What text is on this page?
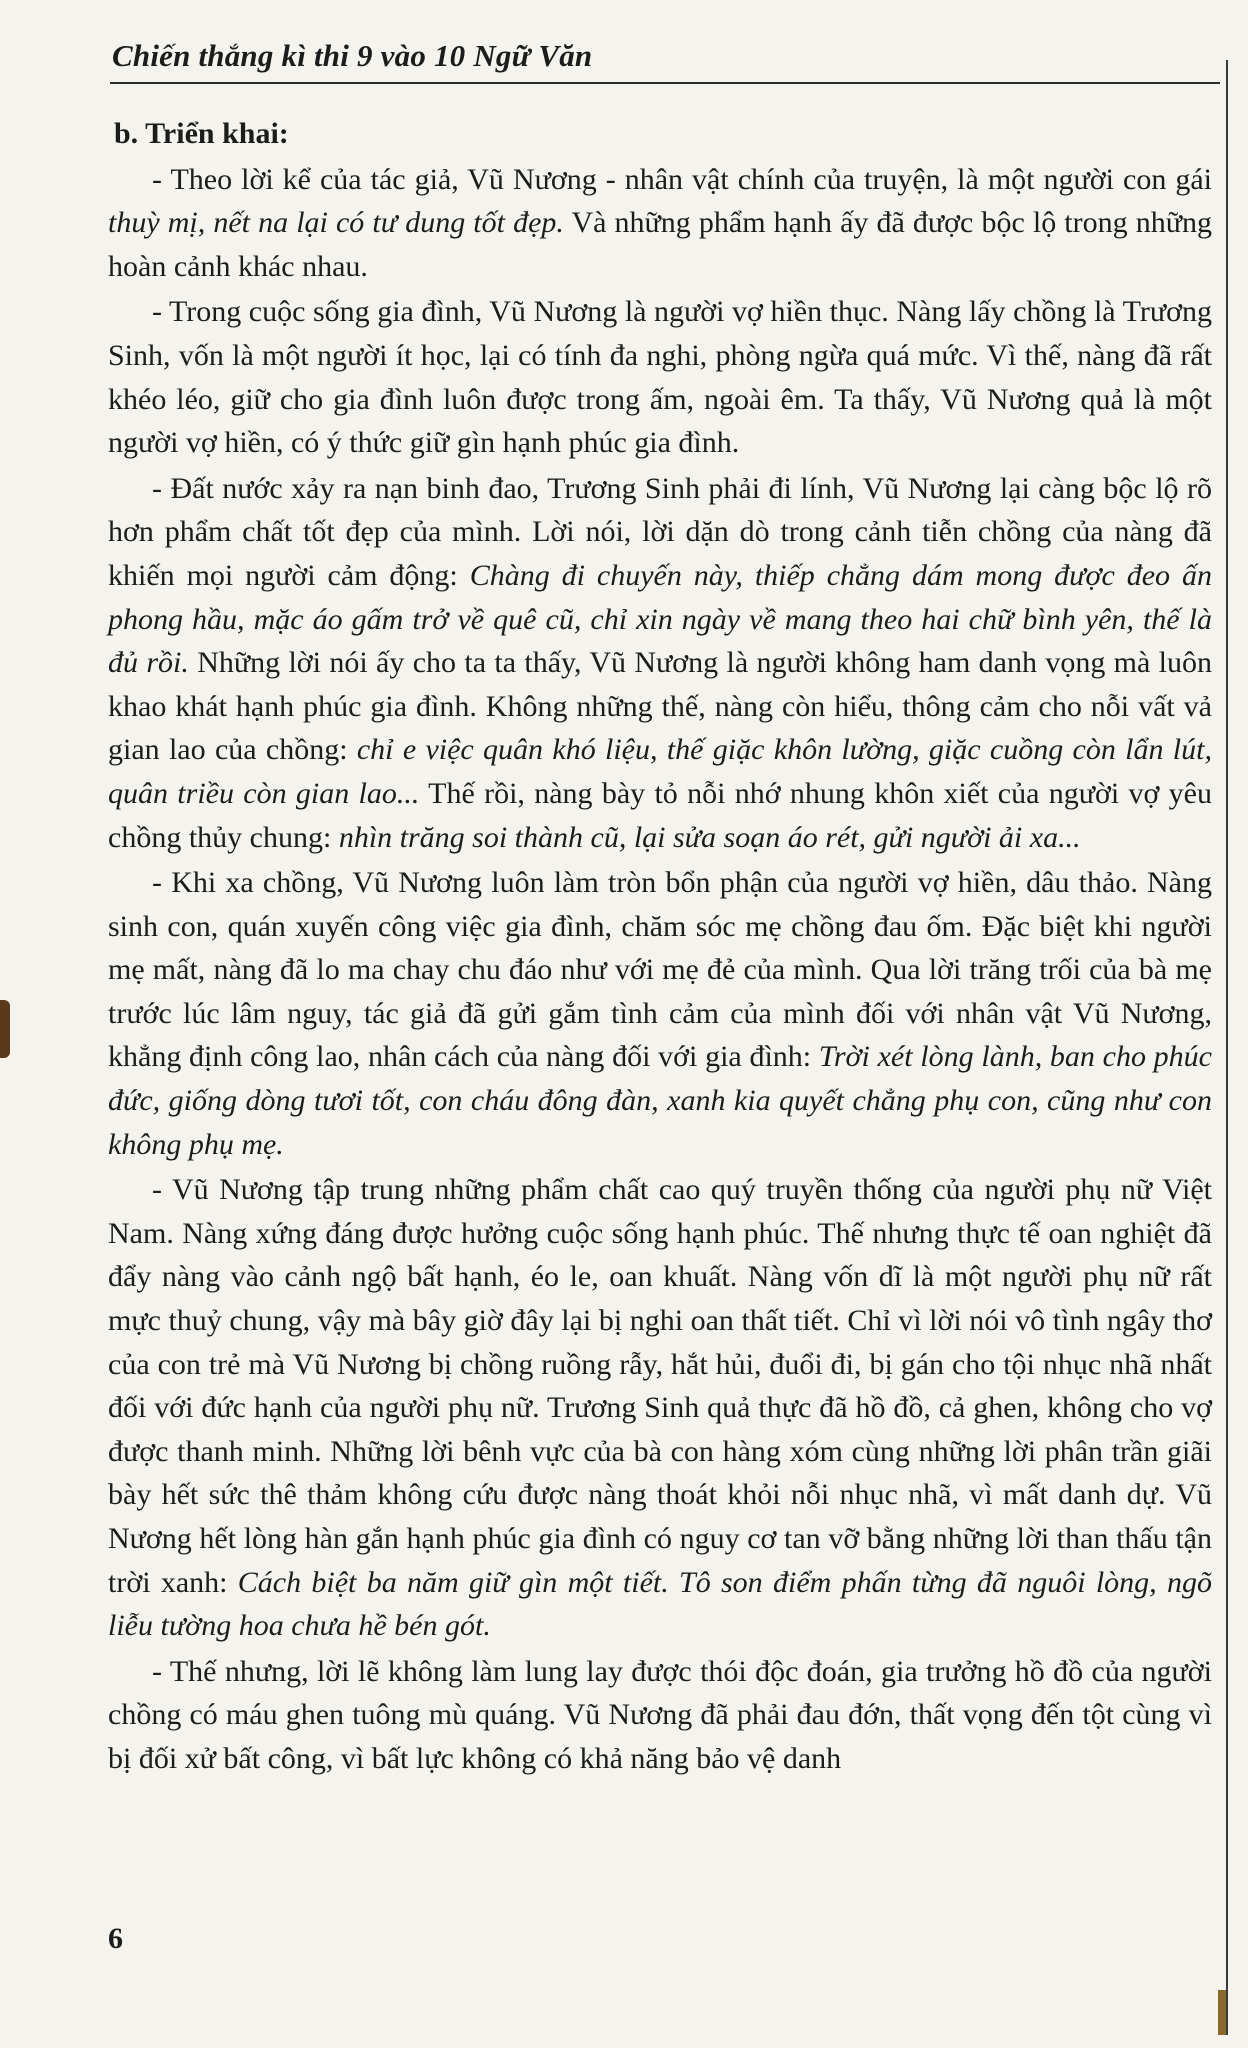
Chiến thắng kì thi 9 vào 10 Ngữ Văn
b. Triển khai:

- Theo lời kể của tác giả, Vũ Nương - nhân vật chính của truyện, là một người con gái thuỳ mị, nết na lại có tư dung tốt đẹp. Và những phẩm hạnh ấy đã được bộc lộ trong những hoàn cảnh khác nhau.

- Trong cuộc sống gia đình, Vũ Nương là người vợ hiền thục. Nàng lấy chồng là Trương Sinh, vốn là một người ít học, lại có tính đa nghi, phòng ngừa quá mức. Vì thế, nàng đã rất khéo léo, giữ cho gia đình luôn được trong ấm, ngoài êm. Ta thấy, Vũ Nương quả là một người vợ hiền, có ý thức giữ gìn hạnh phúc gia đình.

- Đất nước xảy ra nạn binh đao, Trương Sinh phải đi lính, Vũ Nương lại càng bộc lộ rõ hơn phẩm chất tốt đẹp của mình. Lời nói, lời dặn dò trong cảnh tiễn chồng của nàng đã khiến mọi người cảm động: Chàng đi chuyến này, thiếp chẳng dám mong được đeo ấn phong hầu, mặc áo gấm trở về quê cũ, chỉ xin ngày về mang theo hai chữ bình yên, thế là đủ rồi. Những lời nói ấy cho ta ta thấy, Vũ Nương là người không ham danh vọng mà luôn khao khát hạnh phúc gia đình. Không những thế, nàng còn hiểu, thông cảm cho nỗi vất vả gian lao của chồng: chỉ e việc quân khó liệu, thế giặc khôn lường, giặc cuồng còn lẩn lút, quân triều còn gian lao... Thế rồi, nàng bày tỏ nỗi nhớ nhung khôn xiết của người vợ yêu chồng thủy chung: nhìn trăng soi thành cũ, lại sửa soạn áo rét, gửi người ải xa...

- Khi xa chồng, Vũ Nương luôn làm tròn bổn phận của người vợ hiền, dâu thảo. Nàng sinh con, quán xuyến công việc gia đình, chăm sóc mẹ chồng đau ốm. Đặc biệt khi người mẹ mất, nàng đã lo ma chay chu đáo như với mẹ đẻ của mình. Qua lời trăng trối của bà mẹ trước lúc lâm nguy, tác giả đã gửi gắm tình cảm của mình đối với nhân vật Vũ Nương, khẳng định công lao, nhân cách của nàng đối với gia đình: Trời xét lòng lành, ban cho phúc đức, giống dòng tươi tốt, con cháu đông đàn, xanh kia quyết chẳng phụ con, cũng như con không phụ mẹ.

- Vũ Nương tập trung những phẩm chất cao quý truyền thống của người phụ nữ Việt Nam. Nàng xứng đáng được hưởng cuộc sống hạnh phúc. Thế nhưng thực tế oan nghiệt đã đẩy nàng vào cảnh ngộ bất hạnh, éo le, oan khuất. Nàng vốn dĩ là một người phụ nữ rất mực thuỷ chung, vậy mà bây giờ đây lại bị nghi oan thất tiết. Chỉ vì lời nói vô tình ngây thơ của con trẻ mà Vũ Nương bị chồng ruồng rẫy, hắt hủi, đuổi đi, bị gán cho tội nhục nhã nhất đối với đức hạnh của người phụ nữ. Trương Sinh quả thực đã hồ đồ, cả ghen, không cho vợ được thanh minh. Những lời bênh vực của bà con hàng xóm cùng những lời phân trần giãi bày hết sức thê thảm không cứu được nàng thoát khỏi nỗi nhục nhã, vì mất danh dự. Vũ Nương hết lòng hàn gắn hạnh phúc gia đình có nguy cơ tan vỡ bằng những lời than thấu tận trời xanh: Cách biệt ba năm giữ gìn một tiết. Tô son điểm phấn từng đã nguôi lòng, ngõ liễu tường hoa chưa hề bén gót.

- Thế nhưng, lời lẽ không làm lung lay được thói độc đoán, gia trưởng hồ đồ của người chồng có máu ghen tuông mù quáng. Vũ Nương đã phải đau đớn, thất vọng đến tột cùng vì bị đối xử bất công, vì bất lực không có khả năng bảo vệ danh

6
